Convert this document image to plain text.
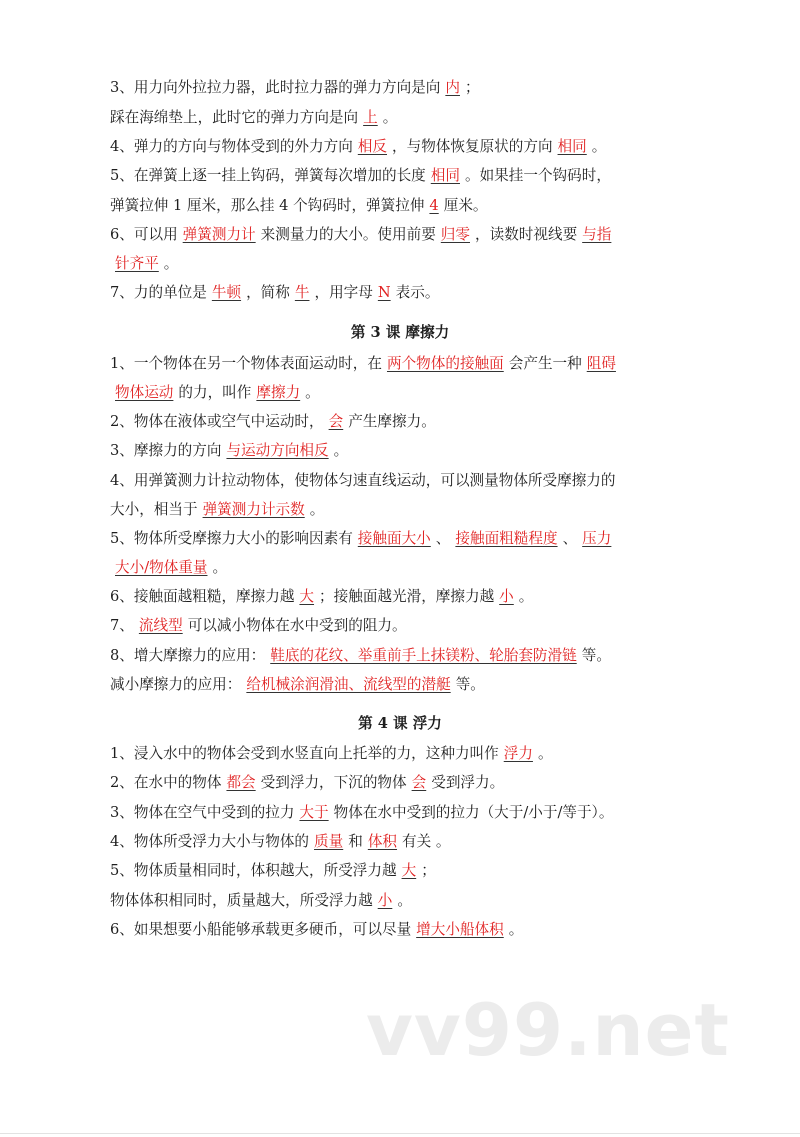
3、用力向外拉拉力器，此时拉力器的弹力方向是向 内 ；
踩在海绵垫上，此时它的弹力方向是向 上 。
4、弹力的方向与物体受到的外力方向 相反 ，与物体恢复原状的方向 相同 。
5、在弹簧上逐一挂上钩码，弹簧每次增加的长度 相同 。如果挂一个钩码时，
弹簧拉伸 1 厘米，那么挂 4 个钩码时，弹簧拉伸 4 厘米。
6、可以用 弹簧测力计 来测量力的大小。使用前要 归零 ，读数时视线要 与指
针齐平 。
7、力的单位是 牛顿 ，简称 牛 ，用字母 N 表示。
第 3 课 摩擦力
1、一个物体在另一个物体表面运动时，在 两个物体的接触面 会产生一种 阻碍
物体运动 的力，叫作 摩擦力 。
2、物体在液体或空气中运动时， 会 产生摩擦力。
3、摩擦力的方向 与运动方向相反 。
4、用弹簧测力计拉动物体，使物体匀速直线运动，可以测量物体所受摩擦力的
大小，相当于 弹簧测力计示数 。
5、物体所受摩擦力大小的影响因素有 接触面大小 、 接触面粗糙程度 、 压力
大小/物体重量 。
6、接触面越粗糙，摩擦力越 大 ；接触面越光滑，摩擦力越 小 。
7、 流线型 可以减小物体在水中受到的阻力。
8、增大摩擦力的应用： 鞋底的花纹、举重前手上抹镁粉、轮胎套防滑链 等。
减小摩擦力的应用： 给机械涂润滑油、流线型的潜艇 等。
第 4 课 浮力
1、浸入水中的物体会受到水竖直向上托举的力，这种力叫作 浮力 。
2、在水中的物体 都会 受到浮力，下沉的物体 会 受到浮力。
3、物体在空气中受到的拉力 大于 物体在水中受到的拉力（大于/小于/等于）。
4、物体所受浮力大小与物体的 质量 和 体积 有关 。
5、物体质量相同时，体积越大，所受浮力越 大 ；
物体体积相同时，质量越大，所受浮力越 小 。
6、如果想要小船能够承载更多硬币，可以尽量 增大小船体积 。
vv99.net
